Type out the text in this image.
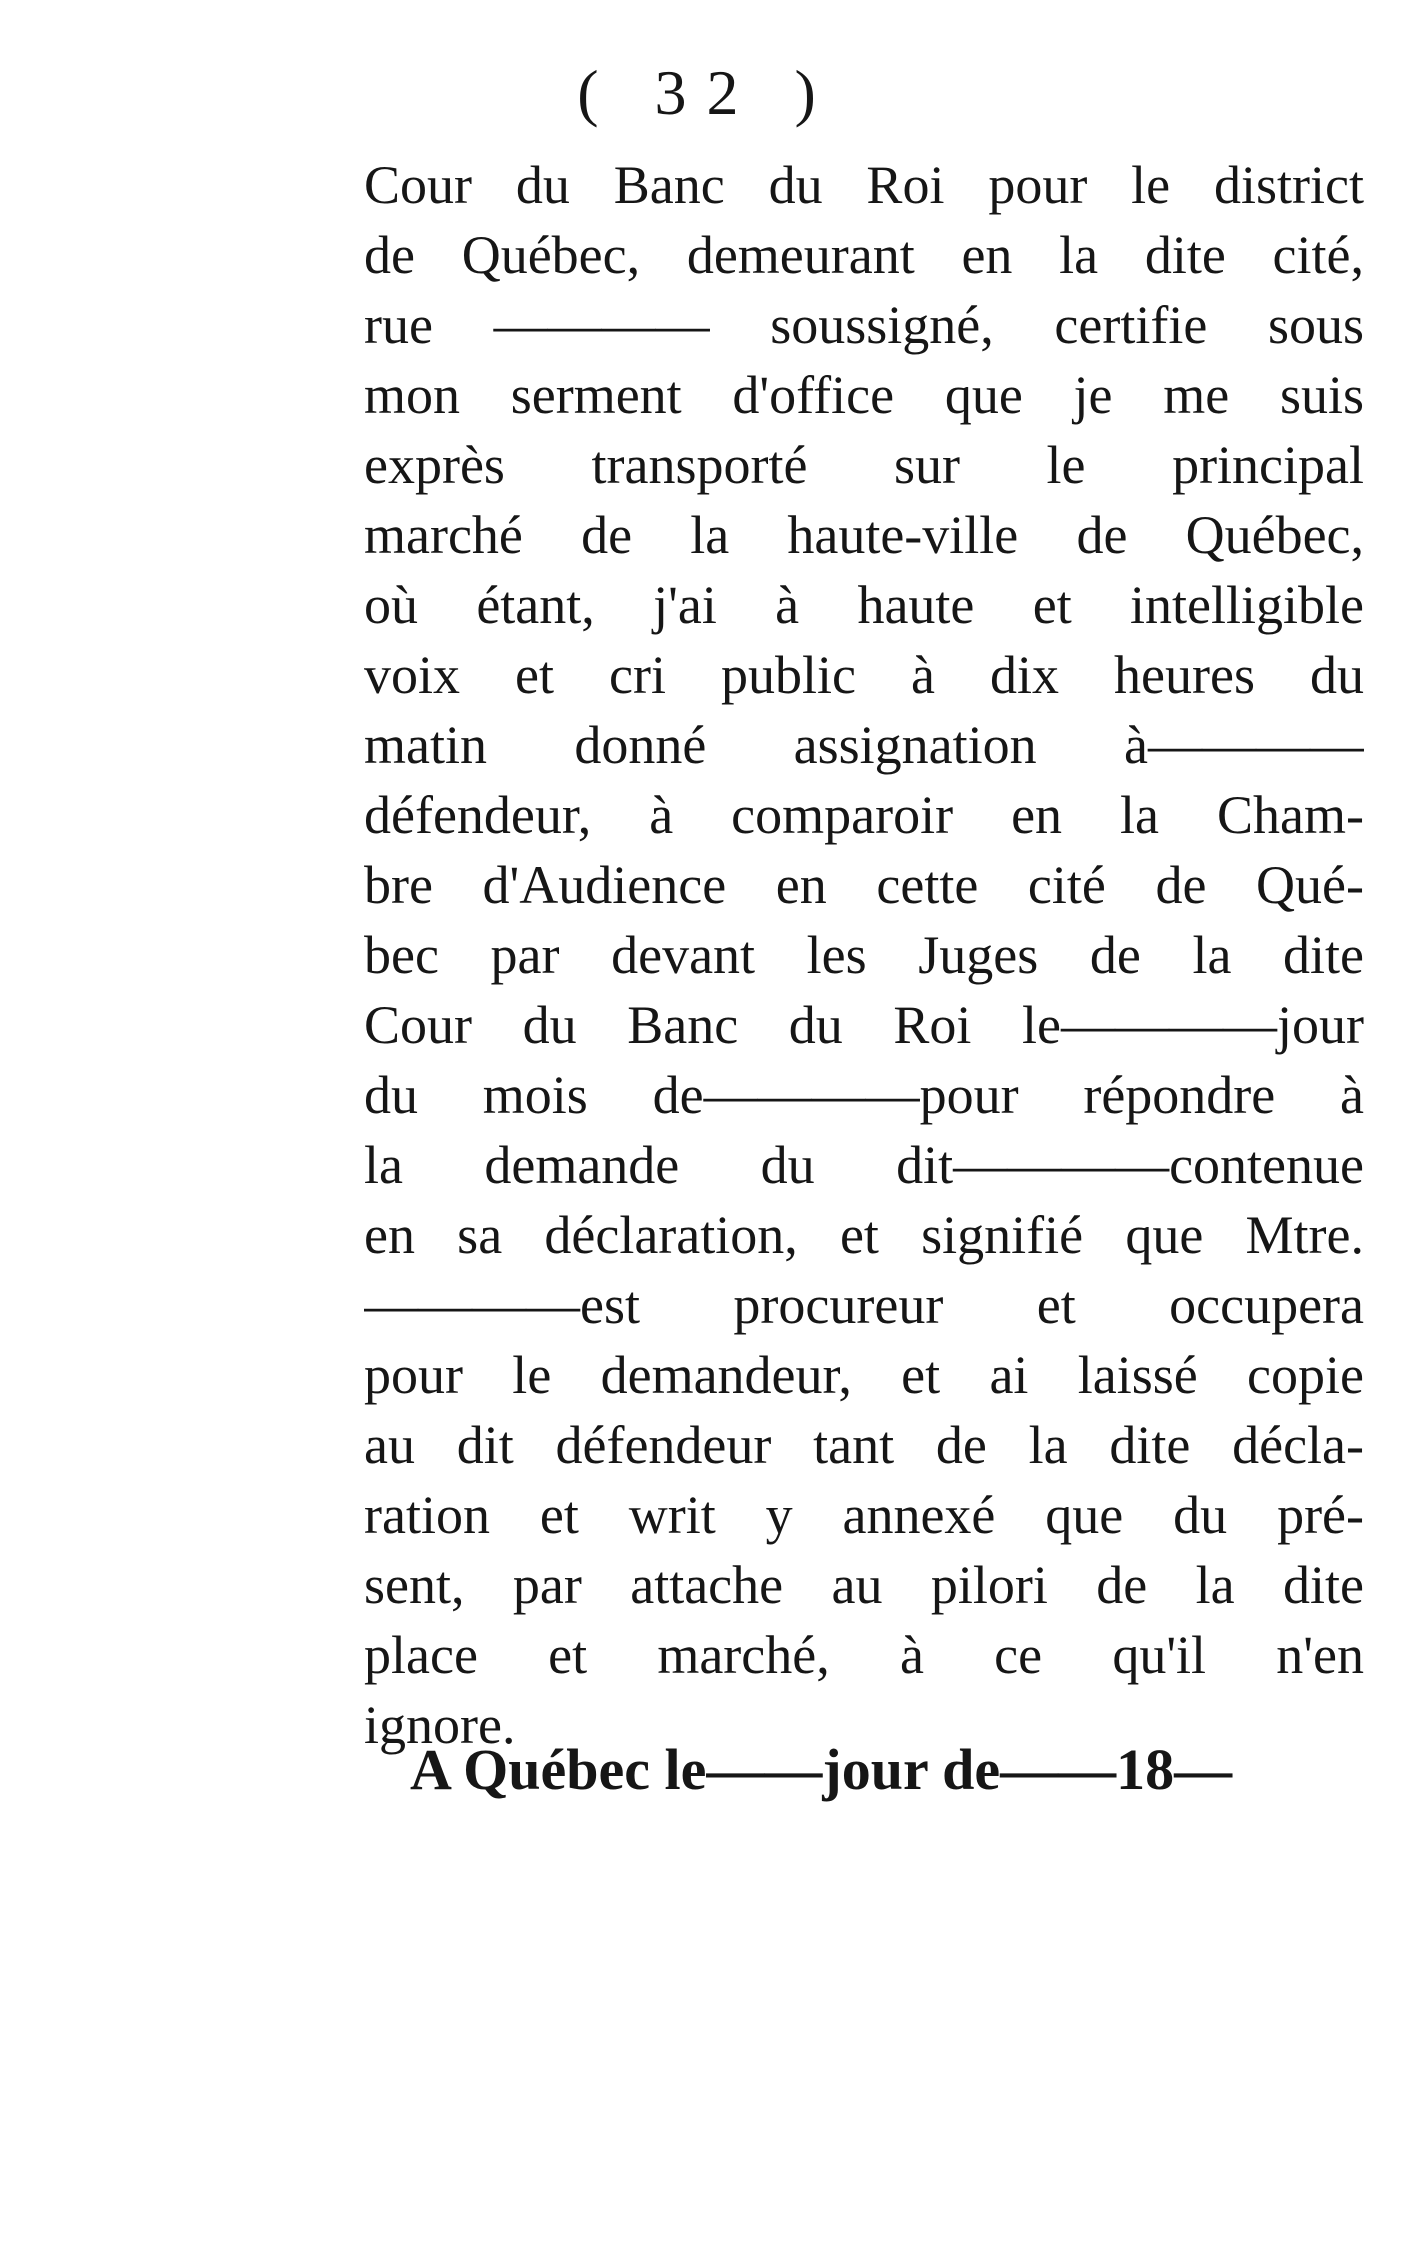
( 32 )
Cour du Banc du Roi pour le district
de Québec, demeurant en la dite cité,
rue ———— soussigné, certifie sous
mon serment d'office que je me suis
exprès transporté sur le principal
marché de la haute-ville de Québec,
où étant, j'ai à haute et intelligible
voix et cri public à dix heures du
matin donné assignation à————
défendeur, à comparoir en la Cham-
bre d'Audience en cette cité de Qué-
bec par devant les Juges de la dite
Cour du Banc du Roi le————jour
du mois de————pour répondre à
la demande du dit————contenue
en sa déclaration, et signifié que Mtre.
————est procureur et occupera
pour le demandeur, et ai laissé copie
au dit défendeur tant de la dite décla-
ration et writ y annexé que du pré-
sent, par attache au pilori de la dite
place et marché, à ce qu'il n'en
ignore.
A Québec le——jour de——18—
